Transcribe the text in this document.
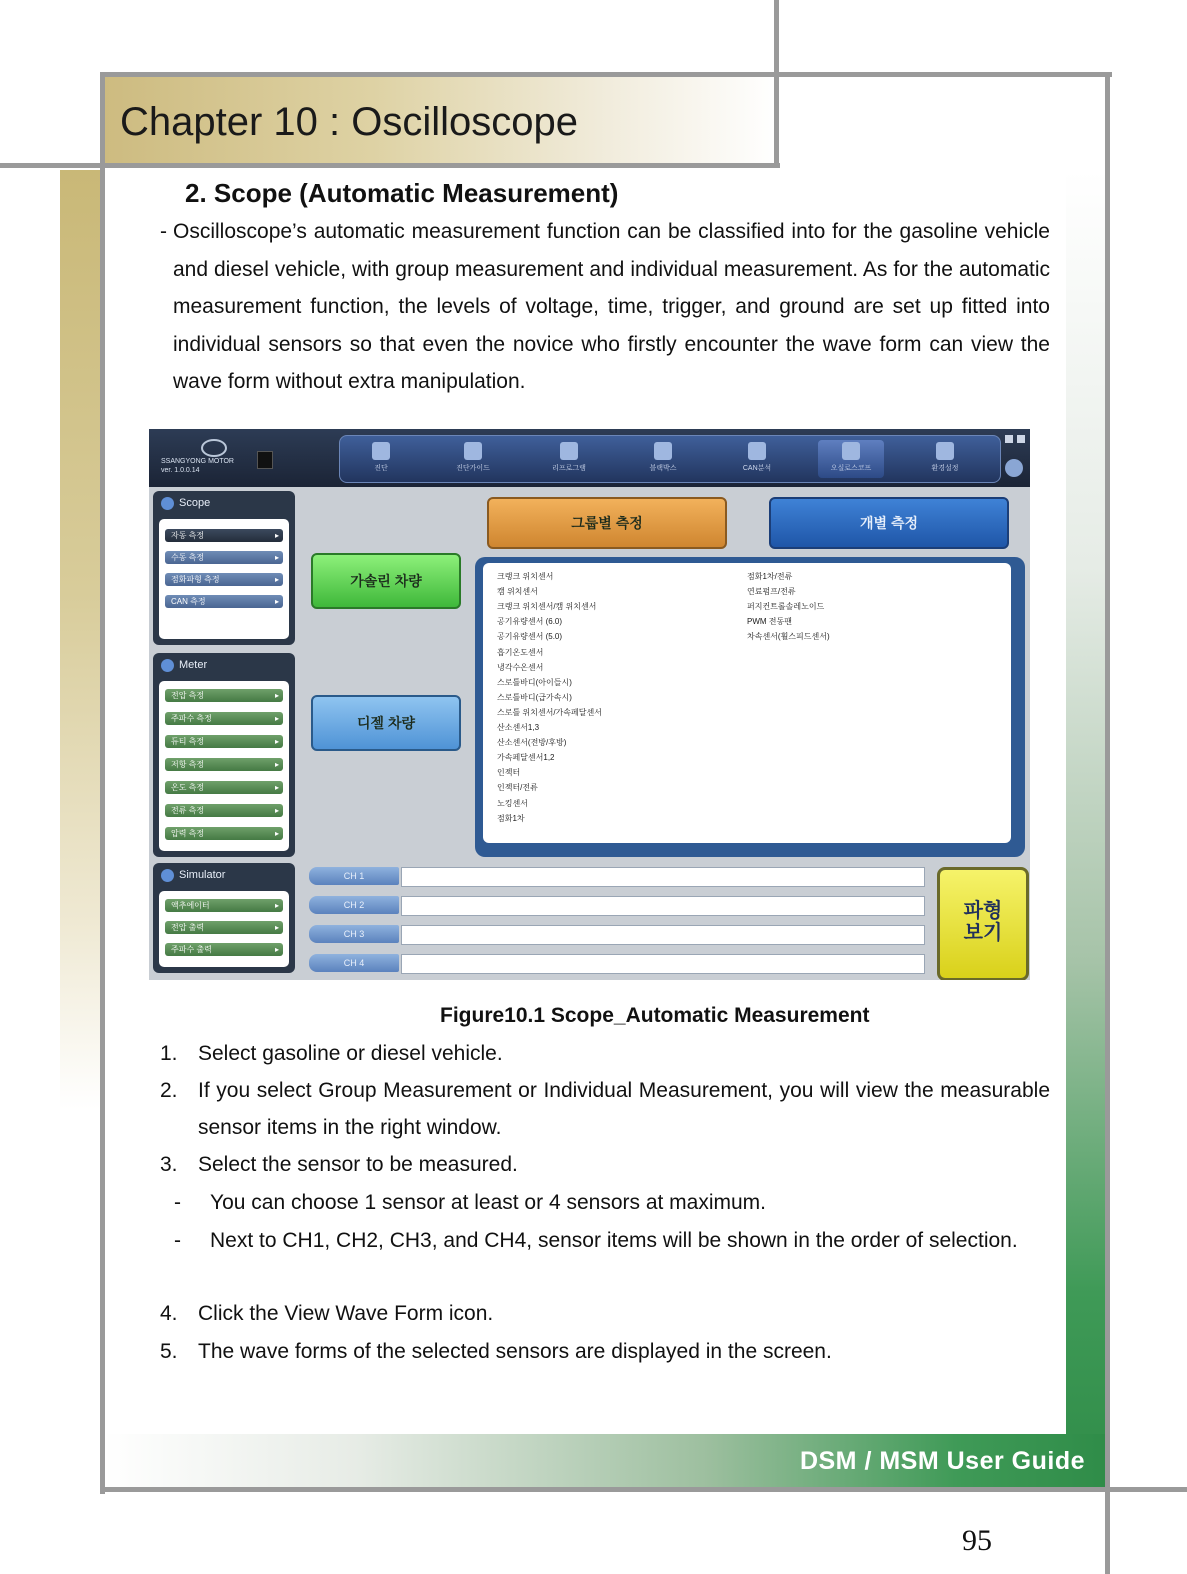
Chapter 10 : Oscilloscope
2. Scope (Automatic Measurement)
- Oscilloscope’s automatic measurement function can be classified into for the gasoline vehicle and diesel vehicle, with group measurement and individual measurement. As for the automatic measurement function, the levels of voltage, time, trigger, and ground are set up fitted into individual sensors so that even the novice who firstly encounter the wave form can view the wave form without extra manipulation.
SSANGYONG MOTOR
ver. 1.0.0.14	진단	진단가이드	리프로그램	블랙박스	CAN분석	오실로스코프	환경설정
Scope
자동 측정 ▸
수동 측정 ▸
점화파형 측정 ▸
CAN 측정 ▸
Meter
전압 측정 ▸
주파수 측정 ▸
듀티 측정 ▸
저항 측정 ▸
온도 측정 ▸
전류 측정 ▸
압력 측정 ▸
Simulator
액추에이터 ▸
전압 출력 ▸
주파수 출력 ▸
그룹별 측정	개별 측정
가솔린 차량
디젤 차량
크랭크 위치센서
캠 위치센서
크랭크 위치센서/캠 위치센서
공기유량센서 (6.0)
공기유량센서 (5.0)
흡기온도센서
냉각수온센서
스로틀바디(아이들시)
스로틀바디(급가속시)
스로틀 위치센서/가속페달센서
산소센서1,3
산소센서(전방/후방)
가속페달센서1,2
인젝터
인젝터/전류
노킹센서
점화1차
점화1차/전류
연료펌프/전류
퍼지컨트롤솔레노이드
PWM 전동팬
차속센서(휠스피드센서)
CH 1
CH 2
CH 3
CH 4
파형
보기
Figure10.1 Scope_Automatic Measurement
1. Select gasoline or diesel vehicle.
2. If you select Group Measurement or Individual Measurement, you will view the measurable sensor items in the right window.
3. Select the sensor to be measured.
- You can choose 1 sensor at least or 4 sensors at maximum.
- Next to CH1, CH2, CH3, and CH4, sensor items will be shown in the order of selection.
4. Click the View Wave Form icon.
5. The wave forms of the selected sensors are displayed in the screen.
DSM / MSM User Guide
95
